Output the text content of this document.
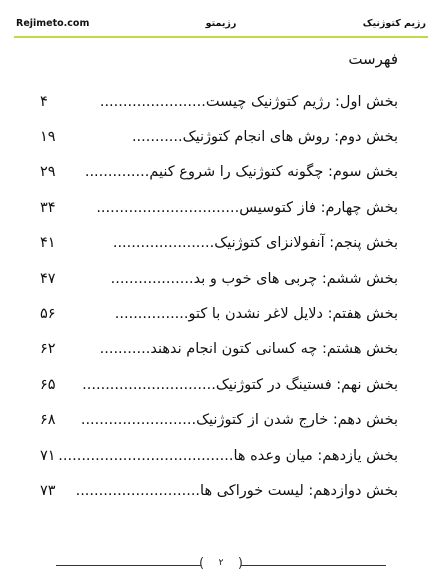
Rejimeto.com	رژیمتو	رژیم کتوژنیک
فهرست
۴	بخش اول: رژیم کتوژنیک چیست.......................
۱۹	بخش دوم: روش های انجام کتوژنیک...........
۲۹	بخش سوم: چگونه کتوژنیک را شروع کنیم..............
۳۴	بخش چهارم: فاز کتوسیس...............................
۴۱	بخش پنجم: آنفولانزای کتوژنیک......................
۴۷	بخش ششم: چربی های خوب و بد..................
۵۶	بخش هفتم: دلایل لاغر نشدن با کتو................
۶۲	بخش هشتم: چه کسانی کتون انجام ندهند...........
۶۵	بخش نهم: فستینگ در کتوژنیک.............................
۶۸	بخش دهم: خارج شدن از کتوژنیک.........................
۷۱	بخش یازدهم: میان وعده ها......................................
۷۳	بخش دوازدهم: لیست خوراکی ها...........................
(	)
۲
